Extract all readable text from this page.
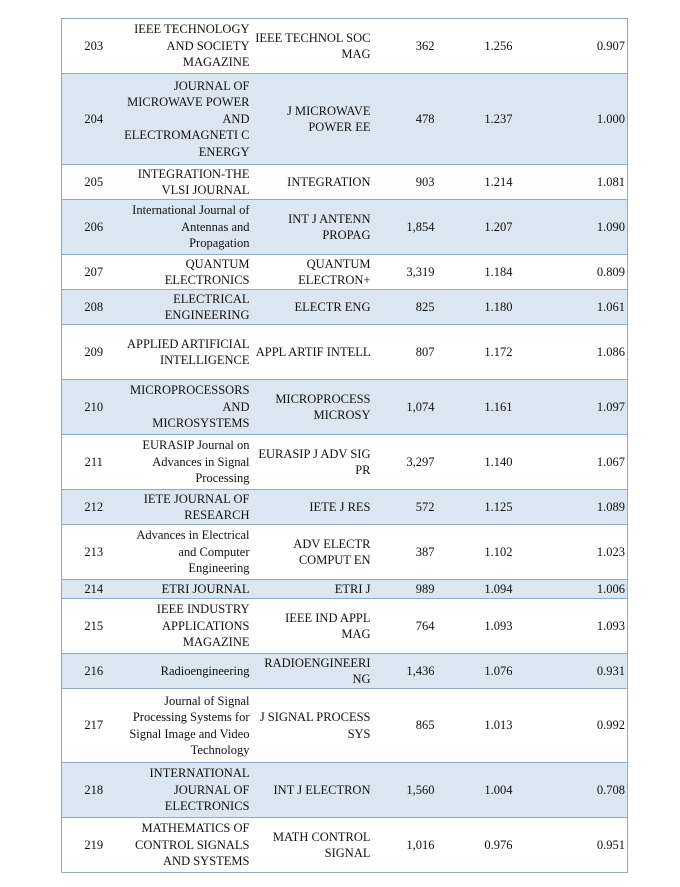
203	IEEE TECHNOLOGY AND SOCIETY MAGAZINE	IEEE TECHNOL SOC MAG	362	1.256	0.907
204	JOURNAL OF MICROWAVE POWER AND ELECTROMAGNETI C ENERGY	J MICROWAVE POWER EE	478	1.237	1.000
205	INTEGRATION-THE VLSI JOURNAL	INTEGRATION	903	1.214	1.081
206	International Journal of Antennas and Propagation	INT J ANTENN PROPAG	1,854	1.207	1.090
207	QUANTUM ELECTRONICS	QUANTUM ELECTRON+	3,319	1.184	0.809
208	ELECTRICAL ENGINEERING	ELECTR ENG	825	1.180	1.061
209	APPLIED ARTIFICIAL INTELLIGENCE	APPL ARTIF INTELL	807	1.172	1.086
210	MICROPROCESSORS AND MICROSYSTEMS	MICROPROCESS MICROSY	1,074	1.161	1.097
211	EURASIP Journal on Advances in Signal Processing	EURASIP J ADV SIG PR	3,297	1.140	1.067
212	IETE JOURNAL OF RESEARCH	IETE J RES	572	1.125	1.089
213	Advances in Electrical and Computer Engineering	ADV ELECTR COMPUT EN	387	1.102	1.023
214	ETRI JOURNAL	ETRI J	989	1.094	1.006
215	IEEE INDUSTRY APPLICATIONS MAGAZINE	IEEE IND APPL MAG	764	1.093	1.093
216	Radioengineering	RADIOENGINEERI NG	1,436	1.076	0.931
217	Journal of Signal Processing Systems for Signal Image and Video Technology	J SIGNAL PROCESS SYS	865	1.013	0.992
218	INTERNATIONAL JOURNAL OF ELECTRONICS	INT J ELECTRON	1,560	1.004	0.708
219	MATHEMATICS OF CONTROL SIGNALS AND SYSTEMS	MATH CONTROL SIGNAL	1,016	0.976	0.951
